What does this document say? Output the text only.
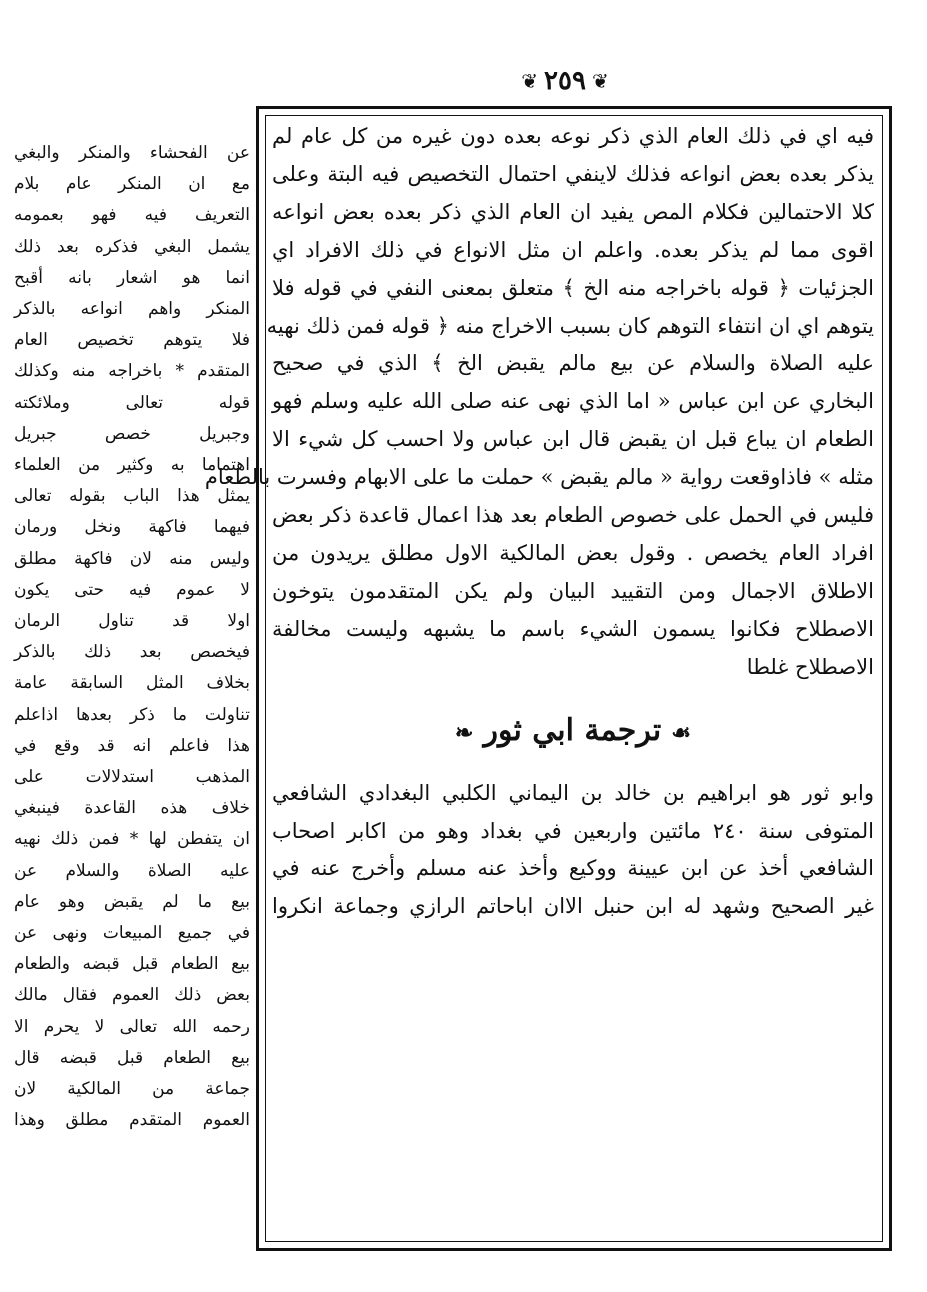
❦ ٢٥٩ ❦
فيه اي في ذلك العام الذي ذكر نوعه بعده دون غيره من كل عام لم
يذكر بعده بعض انواعه فذلك لاينفي احتمال التخصيص فيه البتة وعلى
كلا الاحتمالين فكلام المص يفيد ان العام الذي ذكر بعده بعض انواعه
اقوى مما لم يذكر بعده. واعلم ان مثل الانواع في ذلك الافراد اي
الجزئيات ﴿ قوله باخراجه منه الخ ﴾ متعلق بمعنى النفي في قوله فلا
يتوهم اي ان انتفاء التوهم كان بسبب الاخراج منه ﴿ قوله فمن ذلك نهيه
عليه الصلاة والسلام عن بيع مالم يقبض الخ ﴾ الذي في صحيح
البخاري عن ابن عباس « اما الذي نهى عنه صلى الله عليه وسلم فهو
الطعام ان يباع قبل ان يقبض قال ابن عباس ولا احسب كل شيء الا
مثله » فاذاوقعت رواية « مالم يقبض » حملت ما على الابهام وفسرت بالطعام
فليس في الحمل على خصوص الطعام بعد هذا اعمال قاعدة ذكر بعض
افراد العام يخصص . وقول بعض المالكية الاول مطلق يريدون من
الاطلاق الاجمال ومن التقييد البيان ولم يكن المتقدمون يتوخون
الاصطلاح فكانوا يسمون الشيء باسم ما يشبهه وليست مخالفة
الاصطلاح غلطا
☙ترجمة ابي ثور❧
وابو ثور هو ابراهيم بن خالد بن اليماني الكلبي البغدادي الشافعي
المتوفى سنة ٢٤٠ مائتين واربعين في بغداد وهو من اكابر اصحاب
الشافعي أخذ عن ابن عيينة ووكيع وأخذ عنه مسلم وأخرج عنه في
غير الصحيح وشهد له ابن حنبل الاان اباحاتم الرازي وجماعة انكروا
عن الفحشاء والمنكر والبغي
مع ان المنكر عام بلام
التعريف فيه فهو بعمومه
يشمل البغي فذكره بعد ذلك
انما هو اشعار بانه أقبح
المنكر واهم انواعه بالذكر
فلا يتوهم تخصيص العام
المتقدم * باخراجه منه وكذلك
قوله تعالى وملائكته
وجبريل خصص جبريل
اهتماما به وكثير من العلماء
يمثل هذا الباب بقوله تعالى
فيهما فاكهة ونخل ورمان
وليس منه لان فاكهة مطلق
لا عموم فيه حتى يكون
اولا قد تناول الرمان
فيخصص بعد ذلك بالذكر
بخلاف المثل السابقة عامة
تناولت ما ذكر بعدها اذاعلم
هذا فاعلم انه قد وقع في
المذهب استدلالات على
خلاف هذه القاعدة فينبغي
ان يتفطن لها * فمن ذلك نهيه
عليه الصلاة والسلام عن
بيع ما لم يقبض وهو عام
في جميع المبيعات ونهى عن
بيع الطعام قبل قبضه والطعام
بعض ذلك العموم فقال مالك
رحمه الله تعالى لا يحرم الا
بيع الطعام قبل قبضه قال
جماعة من المالكية لان
العموم المتقدم مطلق وهذا
